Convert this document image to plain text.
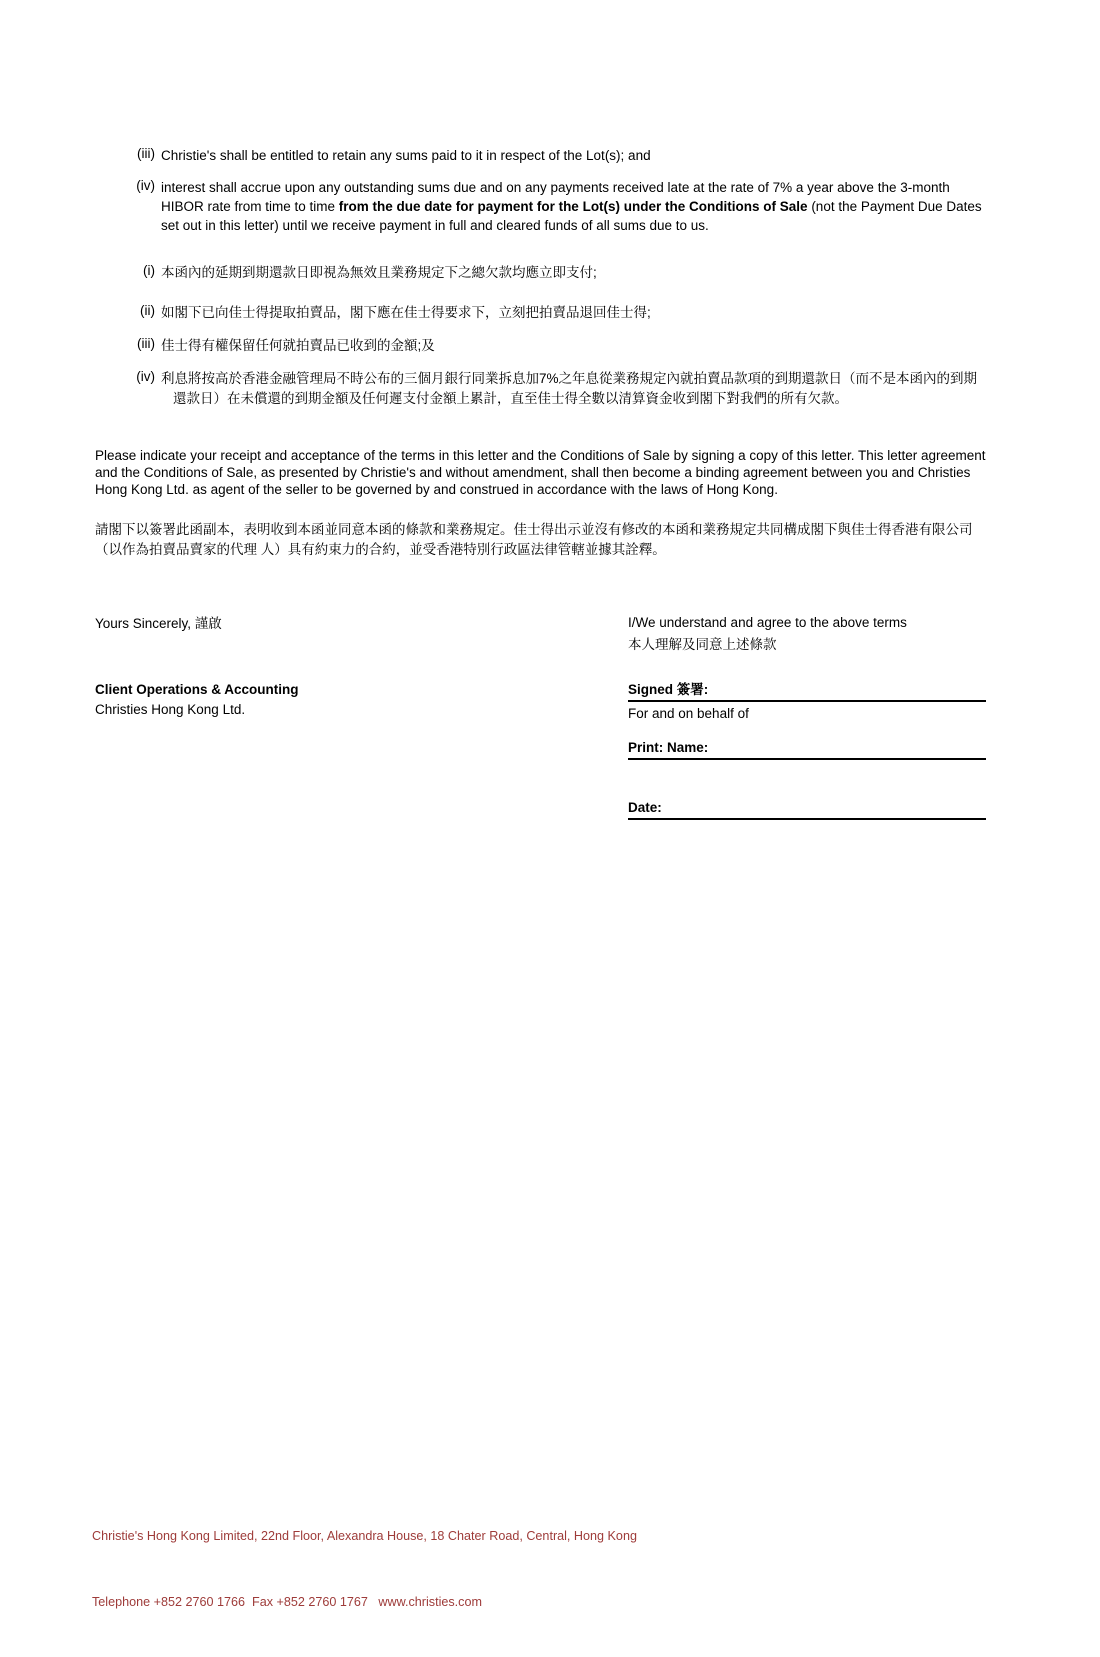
(iii) Christie's shall be entitled to retain any sums paid to it in respect of the Lot(s); and
(iv) interest shall accrue upon any outstanding sums due and on any payments received late at the rate of 7% a year above the 3-month HIBOR rate from time to time from the due date for payment for the Lot(s) under the Conditions of Sale (not the Payment Due Dates set out in this letter) until we receive payment in full and cleared funds of all sums due to us.
(i) 本函內的延期到期還款日即視為無效且業務規定下之總欠款均應立即支付;
(ii) 如閣下已向佳士得提取拍賣品，閣下應在佳士得要求下，立刻把拍賣品退回佳士得;
(iii) 佳士得有權保留任何就拍賣品已收到的金額;及
(iv) 利息將按高於香港金融管理局不時公布的三個月銀行同業拆息加7%之年息從業務規定內就拍賣品款項的到期還款日（而不是本函內的到期還款日）在未償還的到期金額及任何遲支付金額上累計，直至佳士得全數以清算資金收到閣下對我們的所有欠款。
Please indicate your receipt and acceptance of the terms in this letter and the Conditions of Sale by signing a copy of this letter. This letter agreement and the Conditions of Sale, as presented by Christie's and without amendment, shall then become a binding agreement between you and Christies Hong Kong Ltd. as agent of the seller to be governed by and construed in accordance with the laws of Hong Kong.
請閣下以簽署此函副本，表明收到本函並同意本函的條款和業務規定。佳士得出示並沒有修改的本函和業務規定共同構成閣下與佳士得香港有限公司（以作為拍賣品賣家的代理 人）具有約束力的合約，並受香港特別行政區法律管轄並據其詮釋。
Yours Sincerely, 謹啟
Client Operations & Accounting
Christies Hong Kong Ltd.
I/We understand and agree to the above terms
本人理解及同意上述條款
Signed 簽署:
For and on behalf of
Print: Name:
Date:

Christie's Hong Kong Limited, 22nd Floor, Alexandra House, 18 Chater Road, Central, Hong Kong

Telephone +852 2760 1766  Fax +852 2760 1767   www.christies.com
